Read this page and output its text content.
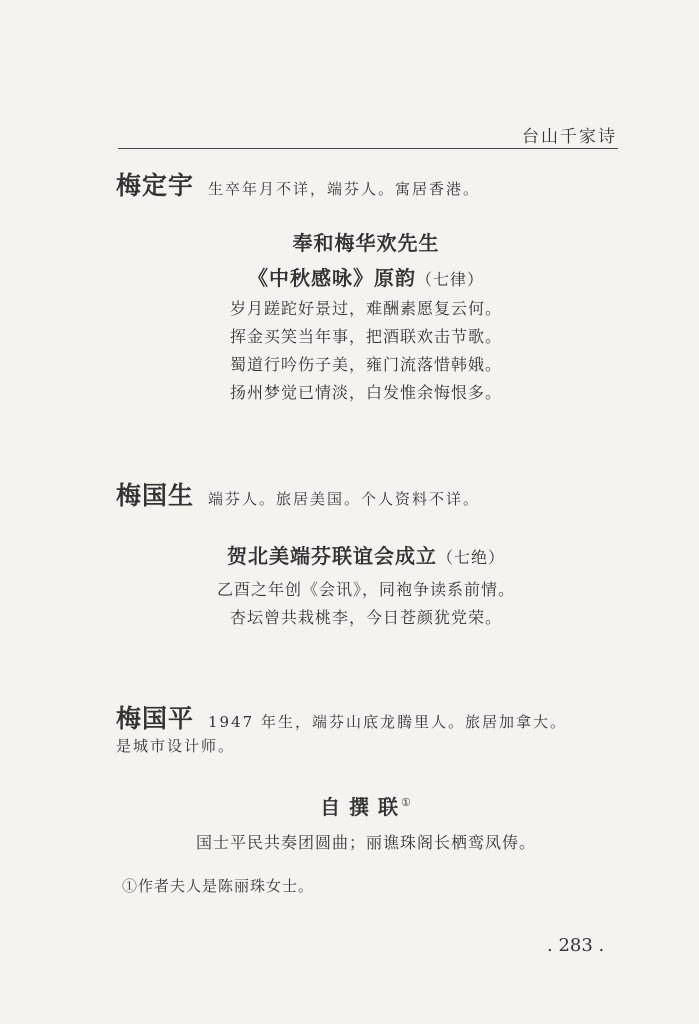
台山千家诗
梅定宇 生卒年月不详，端芬人。寓居香港。
奉和梅华欢先生
《中秋感咏》原韵（七律）
岁月蹉跎好景过，难酬素愿复云何。
挥金买笑当年事，把酒联欢击节歌。
蜀道行吟伤子美，雍门流落惜韩娥。
扬州梦觉已情淡，白发惟余悔恨多。
梅国生 端芬人。旅居美国。个人资料不详。
贺北美端芬联谊会成立（七绝）
乙酉之年创《会讯》，同袍争读系前情。
杏坛曾共栽桃李，今日苍颜犹党荣。
梅国平 1947 年生，端芬山底龙腾里人。旅居加拿大。
是城市设计师。
自 撰 联 ①
国士平民共奏团圆曲；丽谯珠阁长栖鸾凤俦。
①作者夫人是陈丽珠女士。
. 283 .
